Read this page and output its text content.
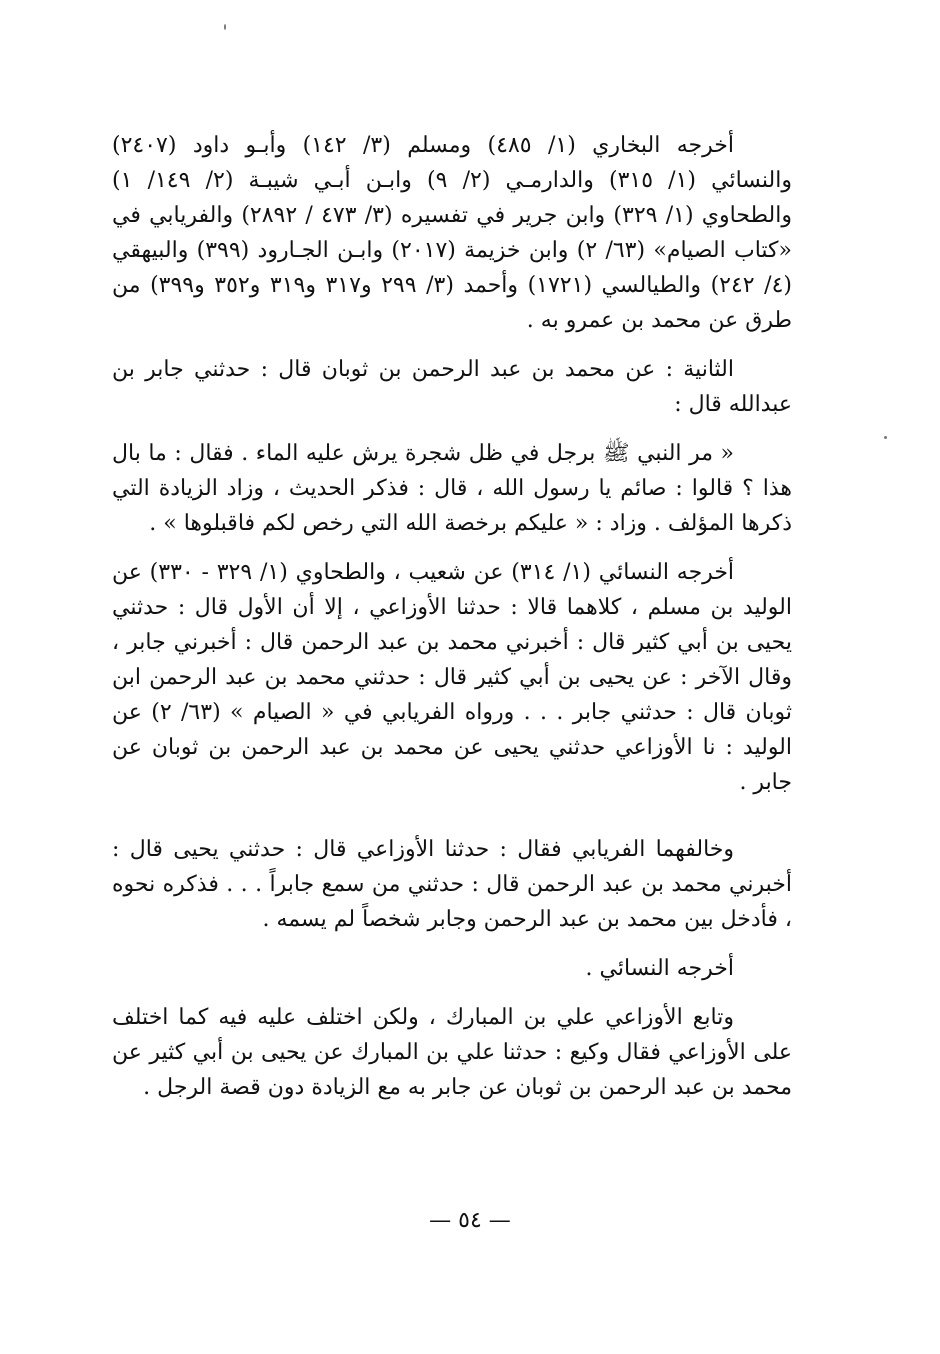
أخرجه البخاري (١/ ٤٨٥) ومسلم (٣/ ١٤٢) وأبـو داود (٢٤٠٧) والنسائي (١/ ٣١٥) والدارمـي (٢/ ٩) وابـن أبـي شيبـة (٢/ ١٤٩/ ١) والطحاوي (١/ ٣٢٩) وابن جرير في تفسيره (٣/ ٤٧٣ / ٢٨٩٢) والفريابي في «كتاب الصيام» (٦٣/ ٢) وابن خزيمة (٢٠١٧) وابـن الجـارود (٣٩٩) والبيهقي (٤/ ٢٤٢) والطيالسي (١٧٢١) وأحمد (٣/ ٢٩٩ و٣١٧ و٣١٩ و٣٥٢ و٣٩٩) من طرق عن محمد بن عمرو به .

الثانية : عن محمد بن عبد الرحمن بن ثوبان قال : حدثني جابر بن عبدالله قال :

« مر النبي ﷺ برجل في ظل شجرة يرش عليه الماء . فقال : ما بال هذا ؟ قالوا : صائم يا رسول الله ، قال : فذكر الحديث ، وزاد الزيادة التي ذكرها المؤلف . وزاد : « عليكم برخصة الله التي رخص لكم فاقبلوها » .

أخرجه النسائي (١/ ٣١٤) عن شعيب ، والطحاوي (١/ ٣٢٩ - ٣٣٠) عن الوليد بن مسلم ، كلاهما قالا : حدثنا الأوزاعي ، إلا أن الأول قال : حدثني يحيى بن أبي كثير قال : أخبرني محمد بن عبد الرحمن قال : أخبرني جابر ، وقال الآخر : عن يحيى بن أبي كثير قال : حدثني محمد بن عبد الرحمن ابن ثوبان قال : حدثني جابر . . . ورواه الفريابي في « الصيام » (٦٣/ ٢) عن الوليد : نا الأوزاعي حدثني يحيى عن محمد بن عبد الرحمن بن ثوبان عن جابر .

وخالفهما الفريابي فقال : حدثنا الأوزاعي قال : حدثني يحيى قال : أخبرني محمد بن عبد الرحمن قال : حدثني من سمع جابراً . . . فذكره نحوه ، فأدخل بين محمد بن عبد الرحمن وجابر شخصاً لم يسمه .

أخرجه النسائي .

وتابع الأوزاعي علي بن المبارك ، ولكن اختلف عليه فيه كما اختلف على الأوزاعي فقال وكيع : حدثنا علي بن المبارك عن يحيى بن أبي كثير عن محمد بن عبد الرحمن بن ثوبان عن جابر به مع الزيادة دون قصة الرجل .

— ٥٤ —
